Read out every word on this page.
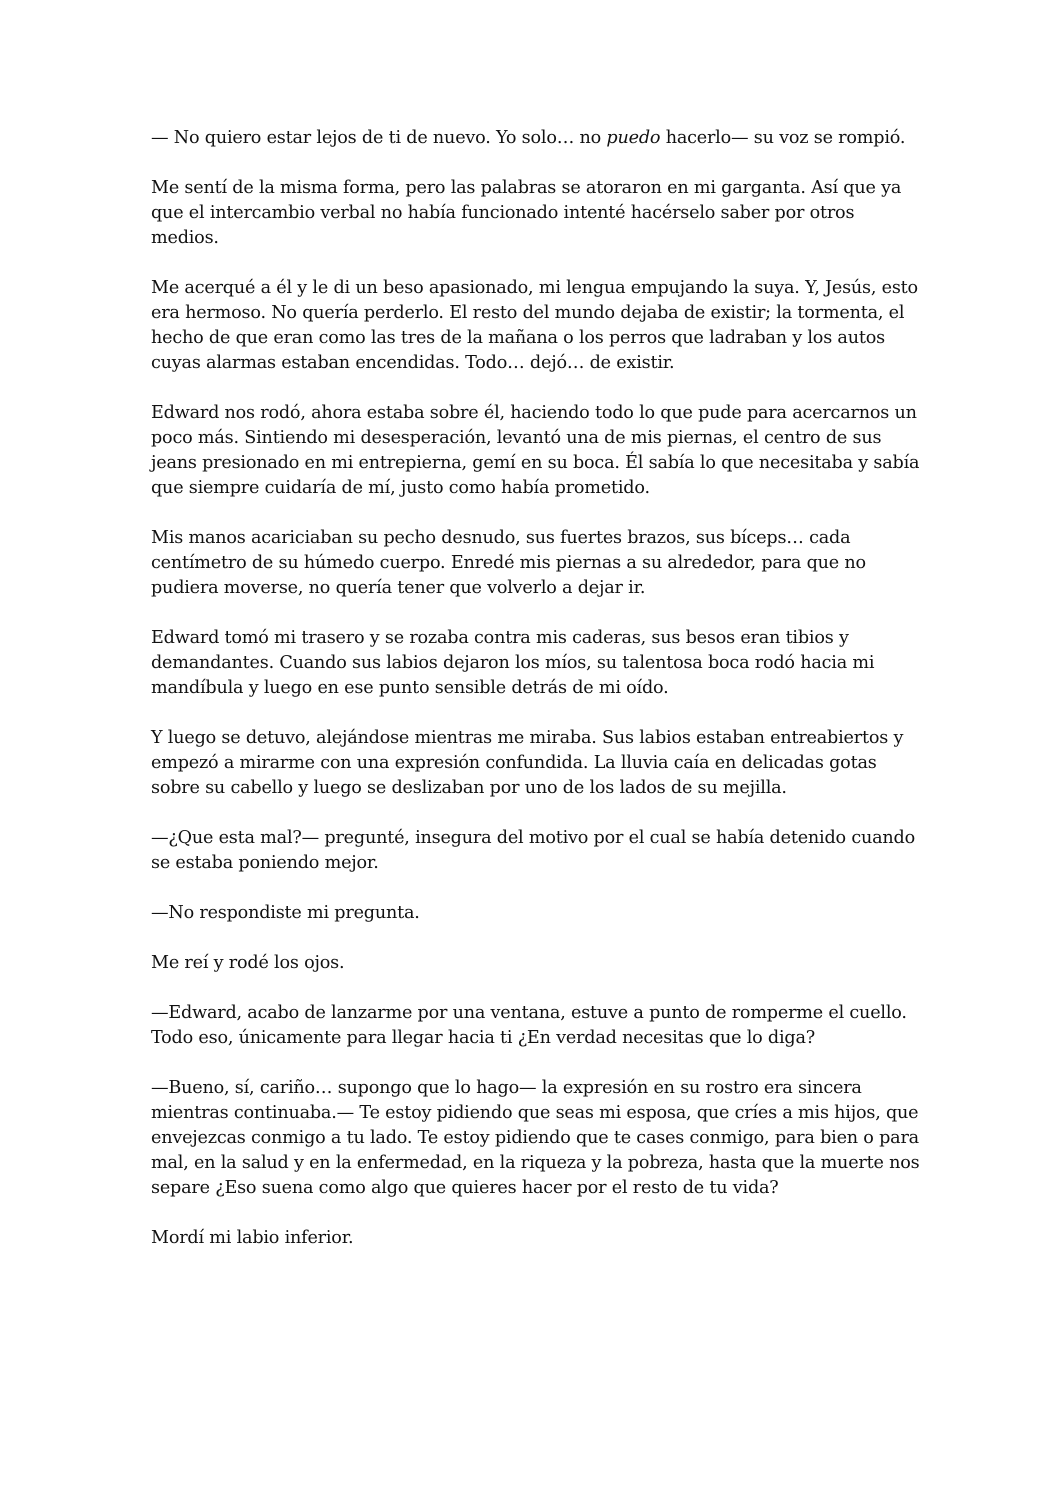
— No quiero estar lejos de ti de nuevo. Yo solo… no puedo hacerlo— su voz se rompió.

Me sentí de la misma forma, pero las palabras se atoraron en mi garganta. Así que ya que el intercambio verbal no había funcionado intenté hacérselo saber por otros medios.

Me acerqué a él y le di un beso apasionado, mi lengua empujando la suya. Y, Jesús, esto era hermoso. No quería perderlo. El resto del mundo dejaba de existir; la tormenta, el hecho de que eran como las tres de la mañana o los perros que ladraban y los autos cuyas alarmas estaban encendidas. Todo… dejó… de existir.

Edward nos rodó, ahora estaba sobre él, haciendo todo lo que pude para acercarnos un poco más. Sintiendo mi desesperación, levantó una de mis piernas, el centro de sus jeans presionado en mi entrepierna, gemí en su boca. Él sabía lo que necesitaba y sabía que siempre cuidaría de mí, justo como había prometido.

Mis manos acariciaban su pecho desnudo, sus fuertes brazos, sus bíceps… cada centímetro de su húmedo cuerpo. Enredé mis piernas a su alrededor, para que no pudiera moverse, no quería tener que volverlo a dejar ir.

Edward tomó mi trasero y se rozaba contra mis caderas, sus besos eran tibios y demandantes. Cuando sus labios dejaron los míos, su talentosa boca rodó hacia mi mandíbula y luego en ese punto sensible detrás de mi oído.

Y luego se detuvo, alejándose mientras me miraba. Sus labios estaban entreabiertos y empezó a mirarme con una expresión confundida. La lluvia caía en delicadas gotas sobre su cabello y luego se deslizaban por uno de los lados de su mejilla.

—¿Que esta mal?— pregunté, insegura del motivo por el cual se había detenido cuando se estaba poniendo mejor.

—No respondiste mi pregunta.

Me reí y rodé los ojos.

—Edward, acabo de lanzarme por una ventana, estuve a punto de romperme el cuello. Todo eso, únicamente para llegar hacia ti ¿En verdad necesitas que lo diga?

—Bueno, sí, cariño… supongo que lo hago— la expresión en su rostro era sincera mientras continuaba.— Te estoy pidiendo que seas mi esposa, que críes a mis hijos, que envejezcas conmigo a tu lado. Te estoy pidiendo que te cases conmigo, para bien o para mal, en la salud y en la enfermedad, en la riqueza y la pobreza, hasta que la muerte nos separe ¿Eso suena como algo que quieres hacer por el resto de tu vida?

Mordí mi labio inferior.
